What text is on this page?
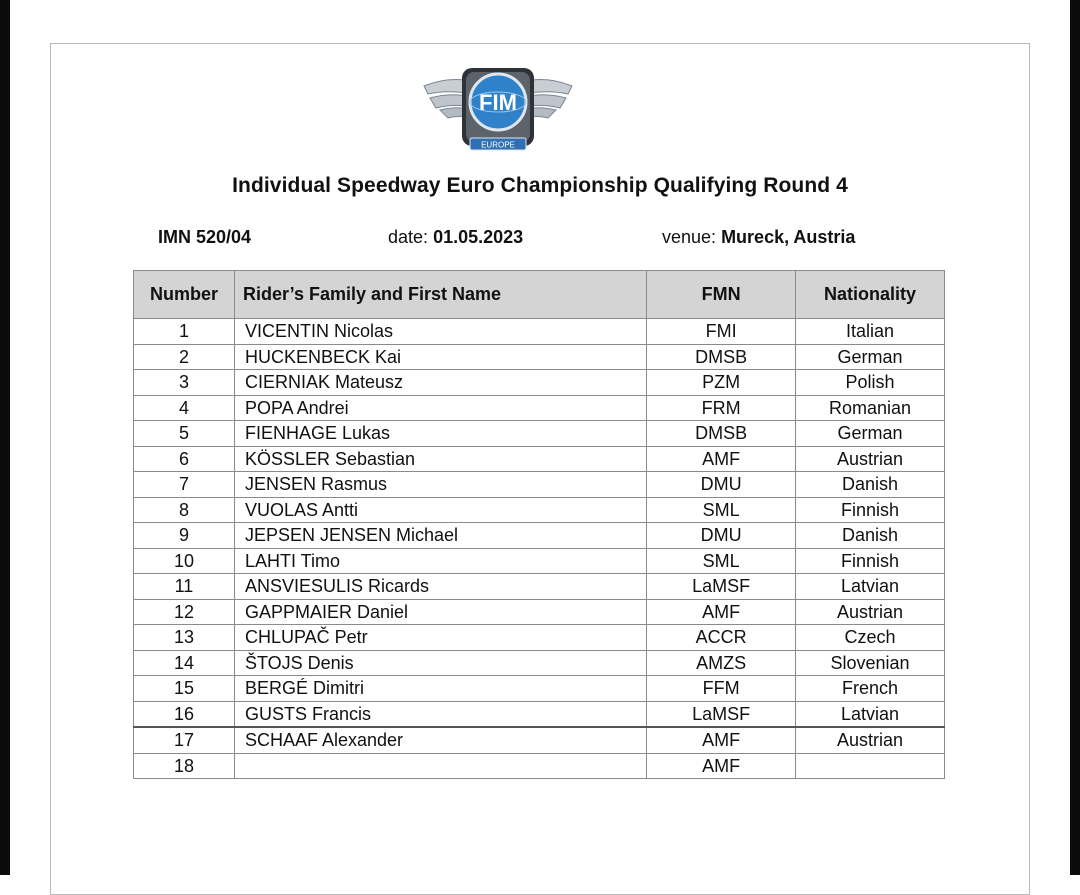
FIM
EUROPE
Individual Speedway Euro Championship Qualifying Round 4
IMN 520/04	date: 01.05.2023	venue: Mureck, Austria
Number	Rider’s Family and First Name	FMN	Nationality
1	VICENTIN Nicolas	FMI	Italian
2	HUCKENBECK Kai	DMSB	German
3	CIERNIAK Mateusz	PZM	Polish
4	POPA Andrei	FRM	Romanian
5	FIENHAGE Lukas	DMSB	German
6	KÖSSLER Sebastian	AMF	Austrian
7	JENSEN Rasmus	DMU	Danish
8	VUOLAS Antti	SML	Finnish
9	JEPSEN JENSEN Michael	DMU	Danish
10	LAHTI Timo	SML	Finnish
11	ANSVIESULIS Ricards	LaMSF	Latvian
12	GAPPMAIER Daniel	AMF	Austrian
13	CHLUPAČ Petr	ACCR	Czech
14	ŠTOJS Denis	AMZS	Slovenian
15	BERGÉ Dimitri	FFM	French
16	GUSTS Francis	LaMSF	Latvian
17	SCHAAF Alexander	AMF	Austrian
18		AMF	
